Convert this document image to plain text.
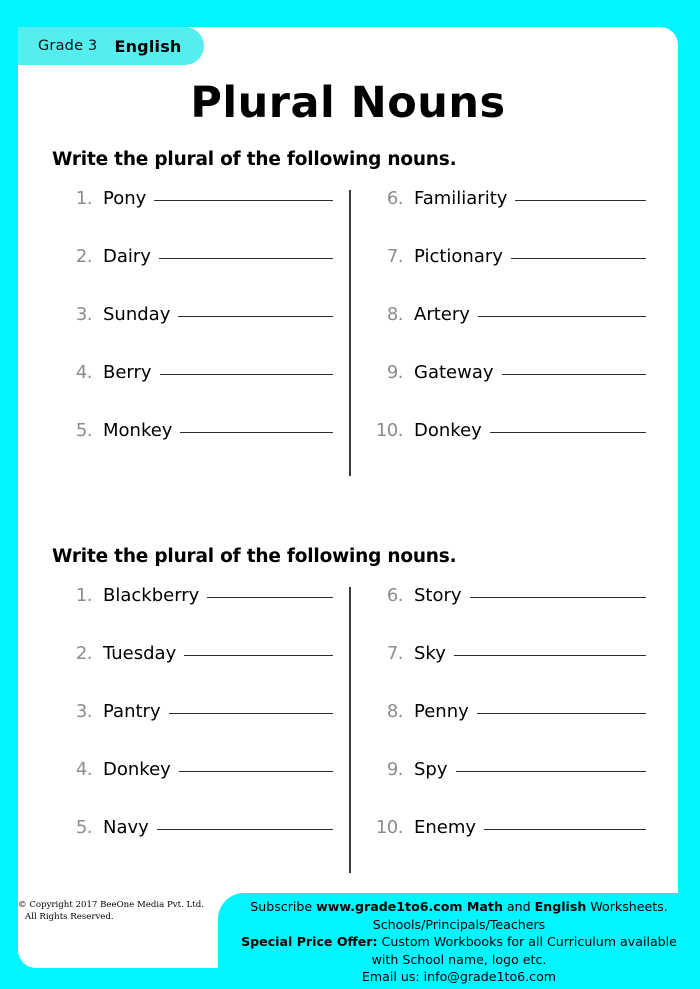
Plural Nouns
Write the plural of the following nouns.
1. Pony
2. Dairy
3. Sunday
4. Berry
5. Monkey
6. Familiarity
7. Pictionary
8. Artery
9. Gateway
10. Donkey
Write the plural of the following nouns.
1. Blackberry
2. Tuesday
3. Pantry
4. Donkey
5. Navy
6. Story
7. Sky
8. Penny
9. Spy
10. Enemy
Grade 3 English
Subscribe www.grade1to6.com Math and English Worksheets.
Schools/Principals/Teachers
Special Price Offer: Custom Workbooks for all Curriculum available
with School name, logo etc.
Email us: info@grade1to6.com
© Copyright 2017 BeeOne Media Pvt. Ltd.
All Rights Reserved.
